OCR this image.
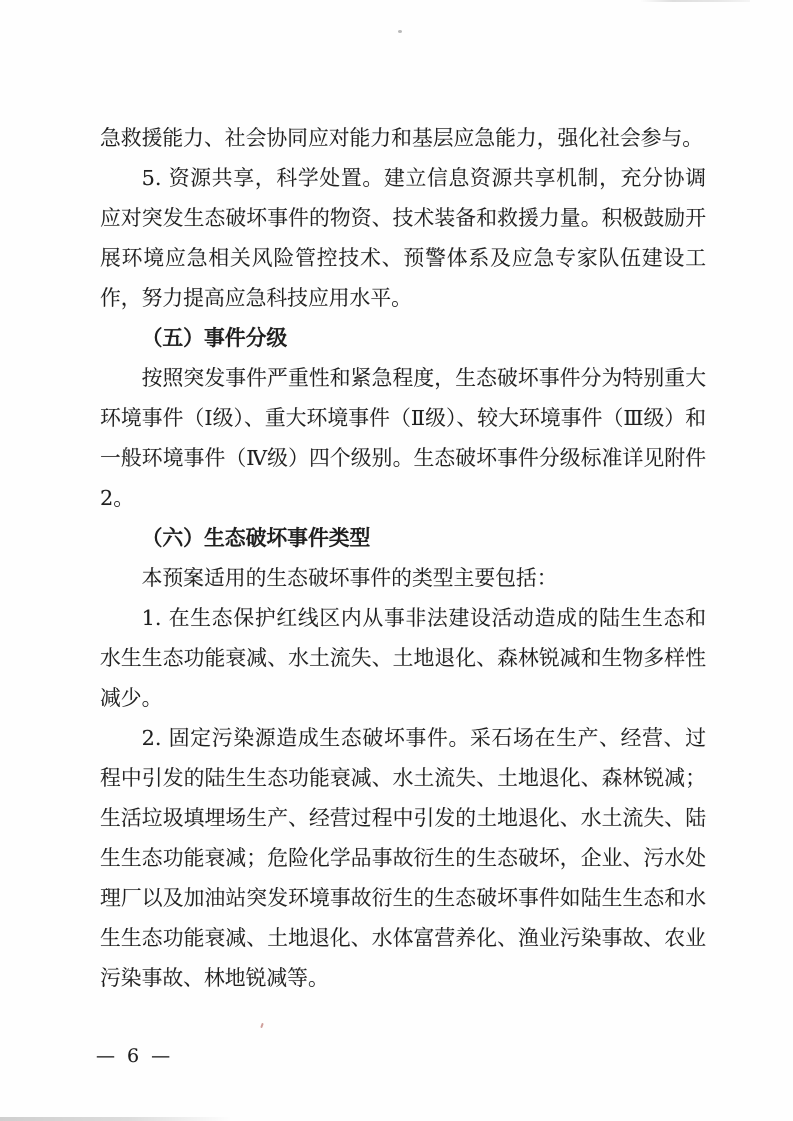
急救援能力、社会协同应对能力和基层应急能力，强化社会参与。

5. 资源共享，科学处置。建立信息资源共享机制，充分协调应对突发生态破坏事件的物资、技术装备和救援力量。积极鼓励开展环境应急相关风险管控技术、预警体系及应急专家队伍建设工作，努力提高应急科技应用水平。

（五）事件分级

按照突发事件严重性和紧急程度，生态破坏事件分为特别重大环境事件（Ⅰ级）、重大环境事件（Ⅱ级）、较大环境事件（Ⅲ级）和一般环境事件（Ⅳ级）四个级别。生态破坏事件分级标准详见附件 2。

（六）生态破坏事件类型

本预案适用的生态破坏事件的类型主要包括：

1. 在生态保护红线区内从事非法建设活动造成的陆生生态和水生生态功能衰减、水土流失、土地退化、森林锐减和生物多样性减少。

2. 固定污染源造成生态破坏事件。采石场在生产、经营、过程中引发的陆生生态功能衰减、水土流失、土地退化、森林锐减；生活垃圾填埋场生产、经营过程中引发的土地退化、水土流失、陆生生态功能衰减；危险化学品事故衍生的生态破坏，企业、污水处理厂以及加油站突发环境事故衍生的生态破坏事件如陆生生态和水生生态功能衰减、土地退化、水体富营养化、渔业污染事故、农业污染事故、林地锐减等。

— 6 —
